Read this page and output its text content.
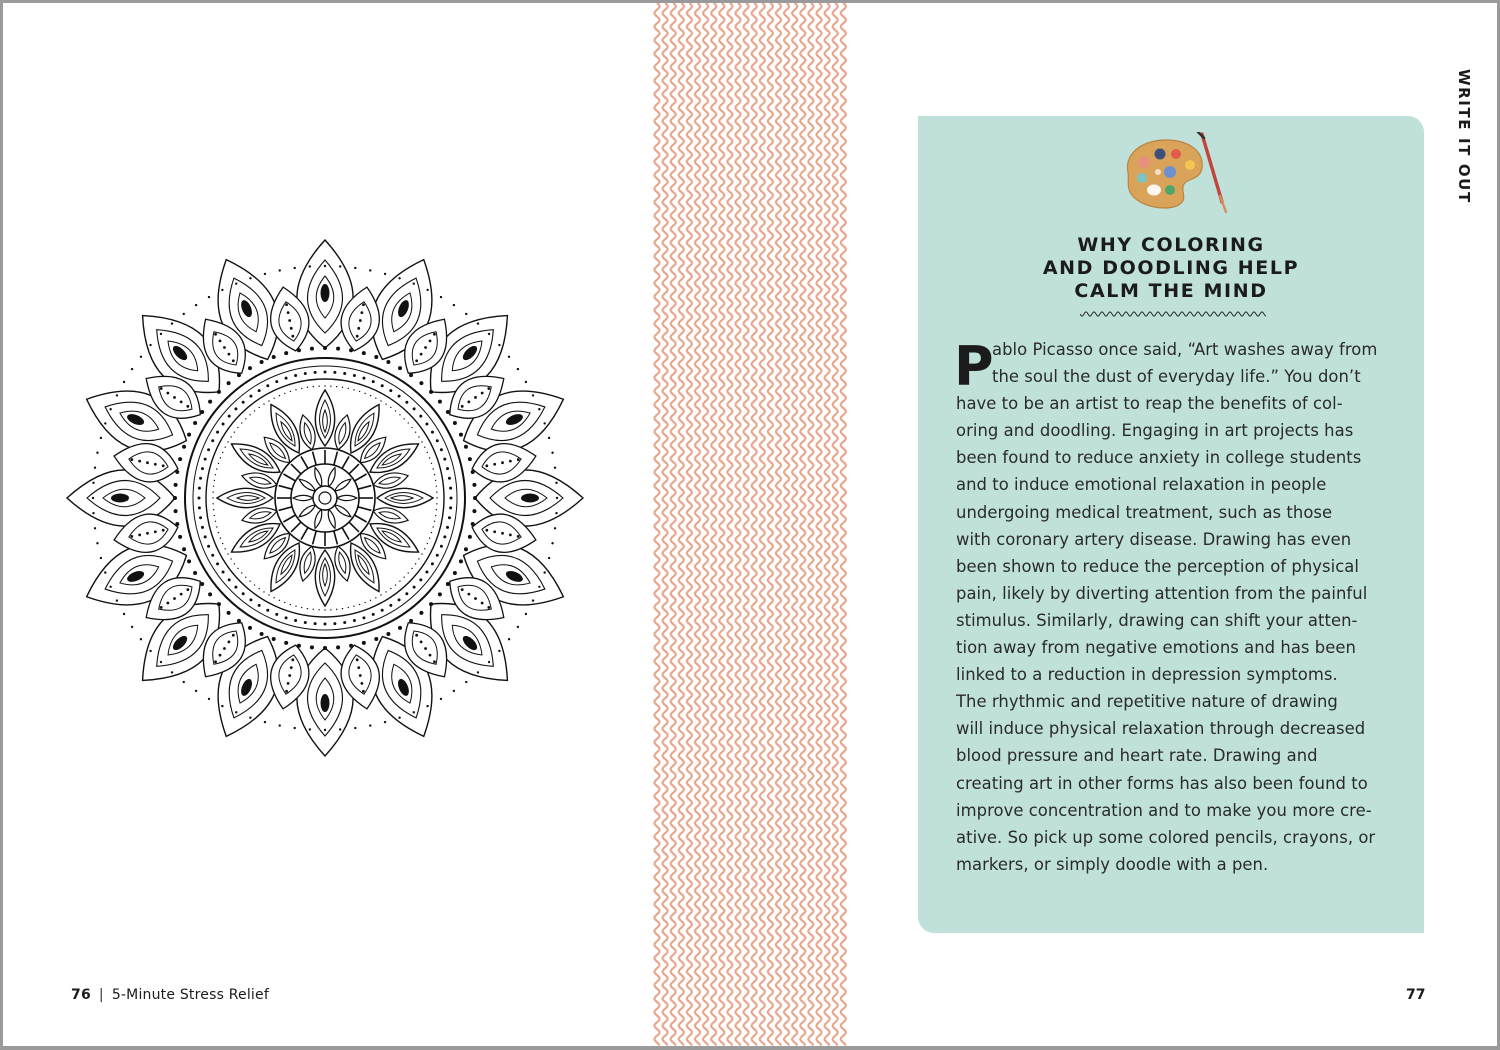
76 | 5-Minute Stress Relief
WRITE IT OUT
WHY COLORING
AND DOODLING HELP
CALM THE MIND
P
ablo Picasso once said, “Art washes away from
the soul the dust of everyday life.” You don’t
have to be an artist to reap the benefits of col-
oring and doodling. Engaging in art projects has
been found to reduce anxiety in college students
and to induce emotional relaxation in people
undergoing medical treatment, such as those
with coronary artery disease. Drawing has even
been shown to reduce the perception of physical
pain, likely by diverting attention from the painful
stimulus. Similarly, drawing can shift your atten-
tion away from negative emotions and has been
linked to a reduction in depression symptoms.
The rhythmic and repetitive nature of drawing
will induce physical relaxation through decreased
blood pressure and heart rate. Drawing and
creating art in other forms has also been found to
improve concentration and to make you more cre-
ative. So pick up some colored pencils, crayons, or
markers, or simply doodle with a pen.
77
